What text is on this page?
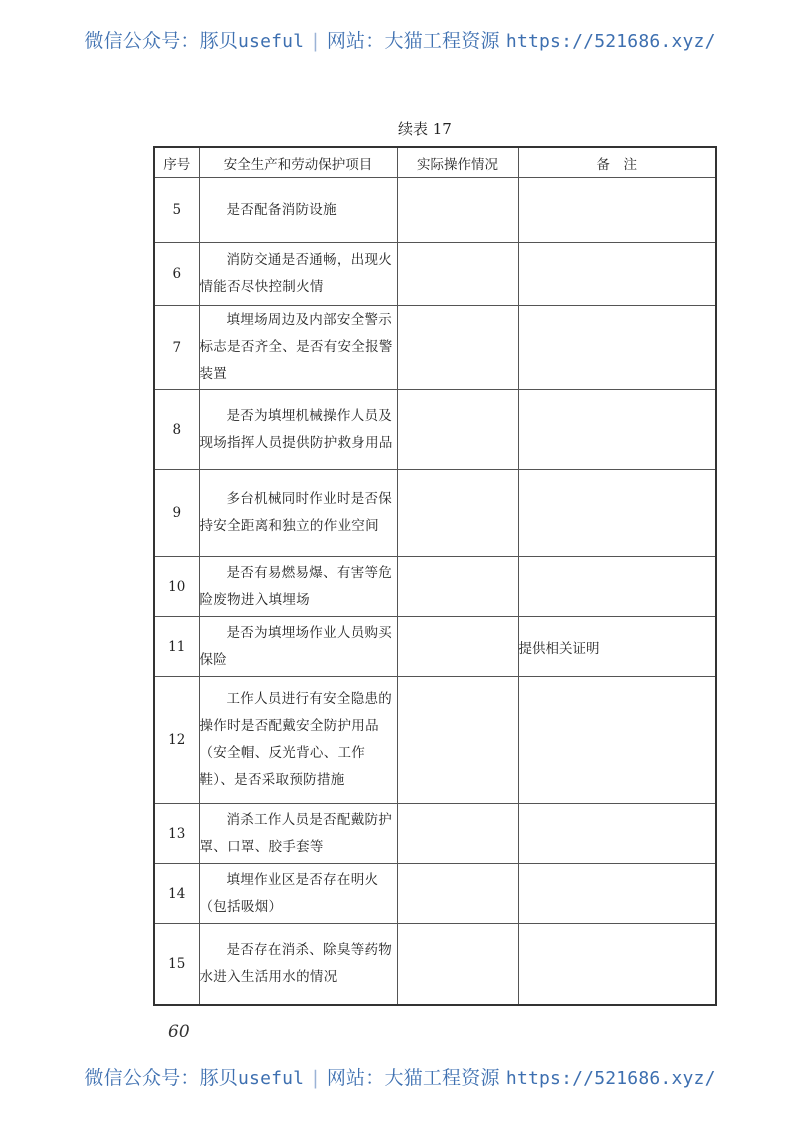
微信公众号：豚贝useful | 网站：大猫工程资源 https://521686.xyz/
续表 17
序号	安全生产和劳动保护项目	实际操作情况	备　注
5	是否配备消防设施		

6	消防交通是否通畅，出现火情能否尽快控制火情		

7	填埋场周边及内部安全警示标志是否齐全、是否有安全报警装置		

8	是否为填埋机械操作人员及现场指挥人员提供防护救身用品		

9	多台机械同时作业时是否保持安全距离和独立的作业空间		

10	是否有易燃易爆、有害等危险废物进入填埋场		

11	是否为填埋场作业人员购买保险		提供相关证明
12	工作人员进行有安全隐患的操作时是否配戴安全防护用品（安全帽、反光背心、工作鞋）、是否采取预防措施		

13	消杀工作人员是否配戴防护罩、口罩、胶手套等		

14	填埋作业区是否存在明火（包括吸烟）		

15	是否存在消杀、除臭等药物水进入生活用水的情况		

60
微信公众号：豚贝useful | 网站：大猫工程资源 https://521686.xyz/
